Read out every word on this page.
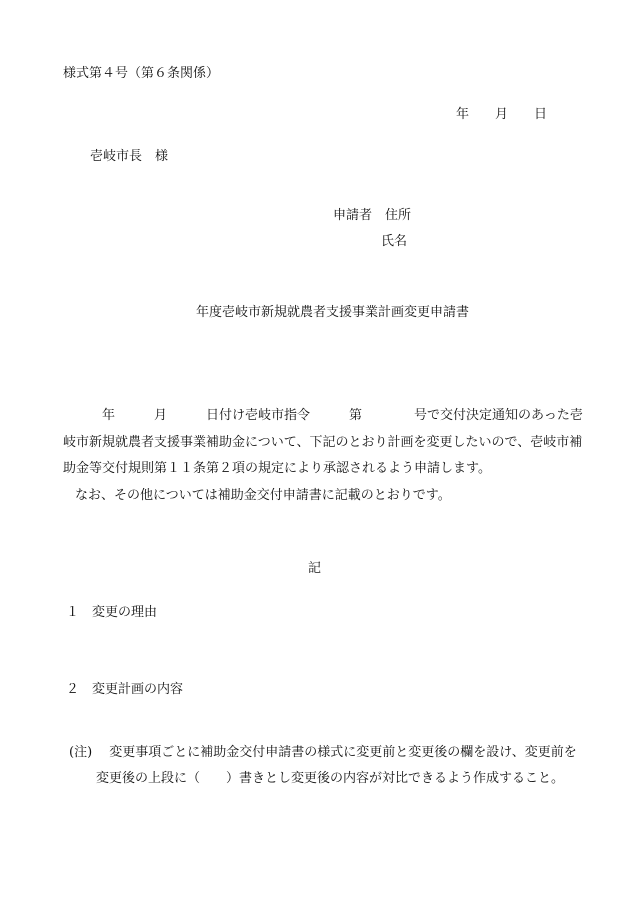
様式第４号（第６条関係）
年　　月　　日
壱岐市長　様
申請者　住所
氏名
年度壱岐市新規就農者支援事業計画変更申請書
　　　年　　　月　　　日付け壱岐市指令　　　第　　　　号で交付決定通知のあった壱
岐市新規就農者支援事業補助金について、下記のとおり計画を変更したいので、壱岐市補
助金等交付規則第１１条第２項の規定により承認されるよう申請します。
なお、その他については補助金交付申請書に記載のとおりです。
記
１　変更の理由
２　変更計画の内容
(注)　 変更事項ごとに補助金交付申請書の様式に変更前と変更後の欄を設け、変更前を
変更後の上段に（　　）書きとし変更後の内容が対比できるよう作成すること。
